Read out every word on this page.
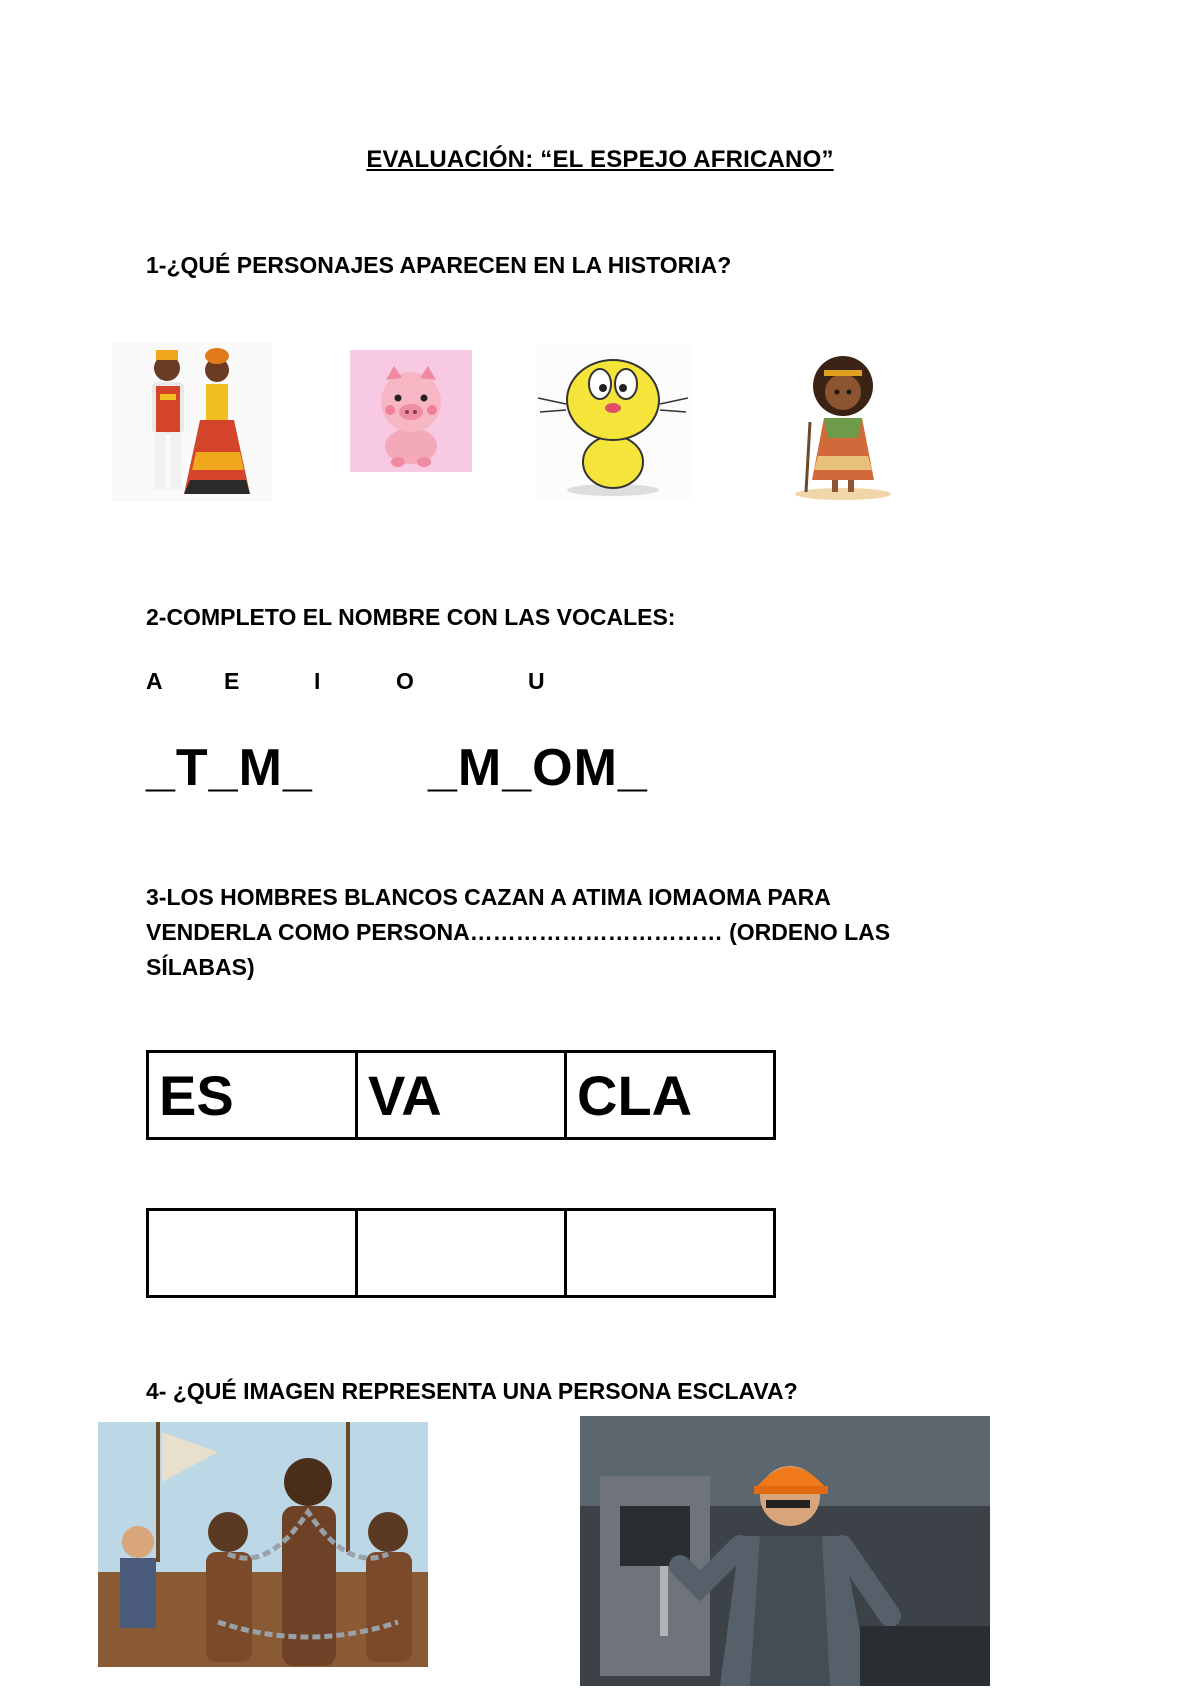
EVALUACIÓN: “EL ESPEJO AFRICANO”
1-¿QUÉ PERSONAJES APARECEN EN LA HISTORIA?
2-COMPLETO EL NOMBRE CON LAS VOCALES:
A	E	I	O	U
_T_M_ _M_OM_
3-LOS HOMBRES BLANCOS CAZAN A ATIMA IOMAOMA PARA
VENDERLA COMO PERSONA…………………………… (ORDENO LAS
SÍLABAS)
ES	VA	CLA

4- ¿QUÉ IMAGEN REPRESENTA UNA PERSONA ESCLAVA?
